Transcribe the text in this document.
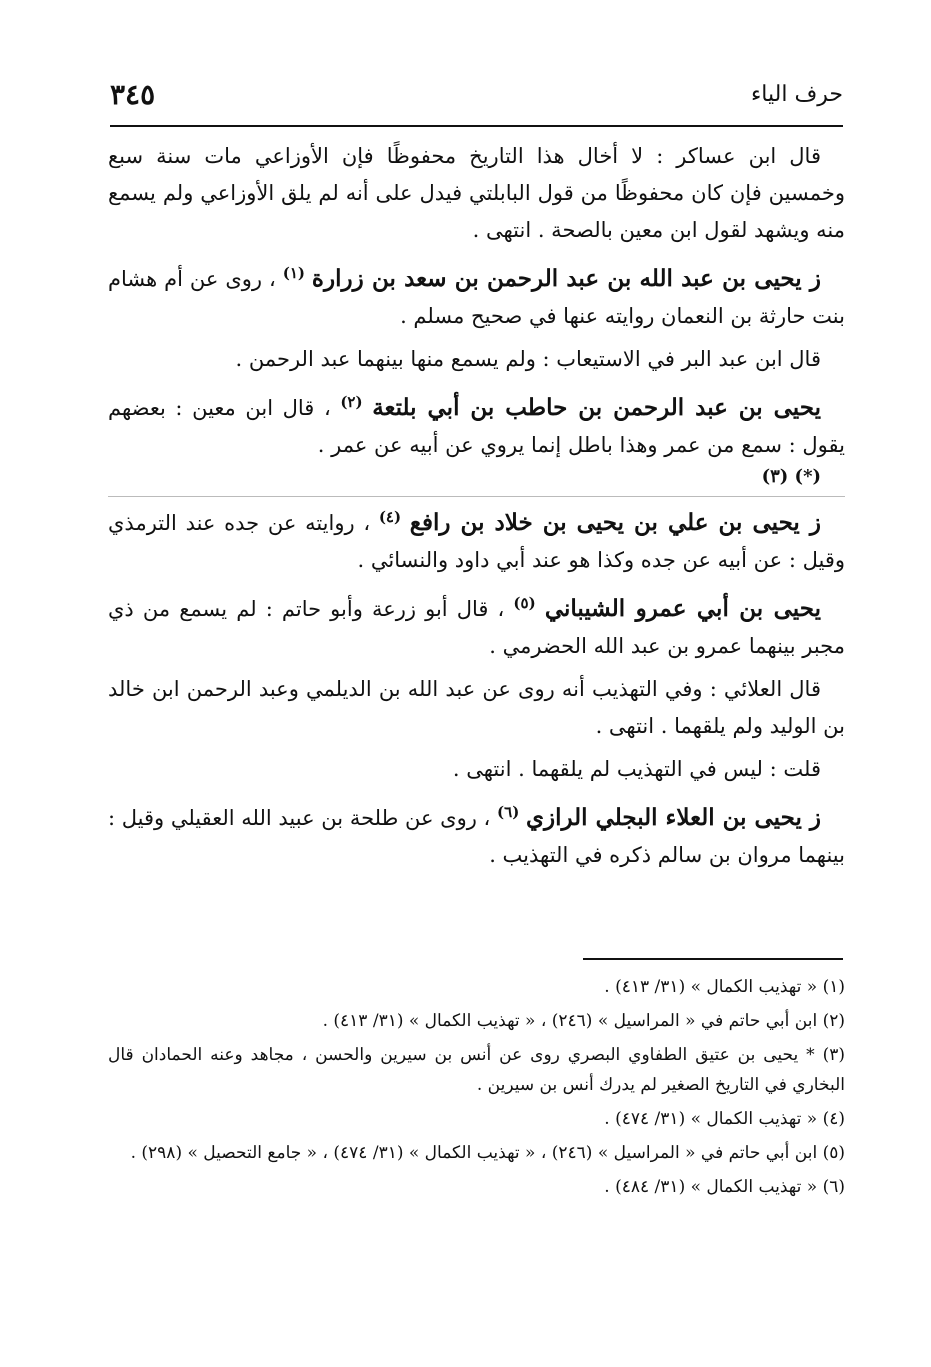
حرف الياء
٣٤٥

قال ابن عساكر : لا أخال هذا التاريخ محفوظًا فإن الأوزاعي مات سنة سبع وخمسين فإن كان محفوظًا من قول البابلتي فيدل على أنه لم يلق الأوزاعي ولم يسمع منه ويشهد لقول ابن معين بالصحة . انتهى .

ز يحيى بن عبد الله بن عبد الرحمن بن سعد بن زرارة $^{(١)}$ ، روى عن أم هشام بنت حارثة بن النعمان روايته عنها في صحيح مسلم .

قال ابن عبد البر في الاستيعاب : ولم يسمع منها بينهما عبد الرحمن .

يحيى بن عبد الرحمن بن حاطب بن أبي بلتعة $^{(٢)}$ ، قال ابن معين : بعضهم يقول : سمع من عمر وهذا باطل إنما يروي عن أبيه عن عمر .
(*) (٣)

ز يحيى بن علي بن يحيى بن خلاد بن رافع $^{(٤)}$ ، روايته عن جده عند الترمذي وقيل : عن أبيه عن جده وكذا هو عند أبي داود والنسائي .

يحيى بن أبي عمرو الشيباني $^{(٥)}$ ، قال أبو زرعة وأبو حاتم : لم يسمع من ذي مجبر بينهما عمرو بن عبد الله الحضرمي .

قال العلائي : وفي التهذيب أنه روى عن عبد الله بن الديلمي وعبد الرحمن ابن خالد بن الوليد ولم يلقهما . انتهى .

قلت : ليس في التهذيب لم يلقهما . انتهى .

ز يحيى بن العلاء البجلي الرازي $^{(٦)}$ ، روى عن طلحة بن عبيد الله العقيلي وقيل : بينهما مروان بن سالم ذكره في التهذيب .

(١) « تهذيب الكمال » (٣١/ ٤١٣) .

(٢) ابن أبي حاتم في « المراسيل » (٢٤٦) ، « تهذيب الكمال » (٣١/ ٤١٣) .

(٣) * يحيى بن عتيق الطفاوي البصري روى عن أنس بن سيرين والحسن ، مجاهد وعنه الحمادان قال البخاري في التاريخ الصغير لم يدرك أنس بن سيرين .

(٤) « تهذيب الكمال » (٣١/ ٤٧٤) .

(٥) ابن أبي حاتم في « المراسيل » (٢٤٦) ، « تهذيب الكمال » (٣١/ ٤٧٤) ، « جامع التحصيل » (٢٩٨) .

(٦) « تهذيب الكمال » (٣١/ ٤٨٤) .
